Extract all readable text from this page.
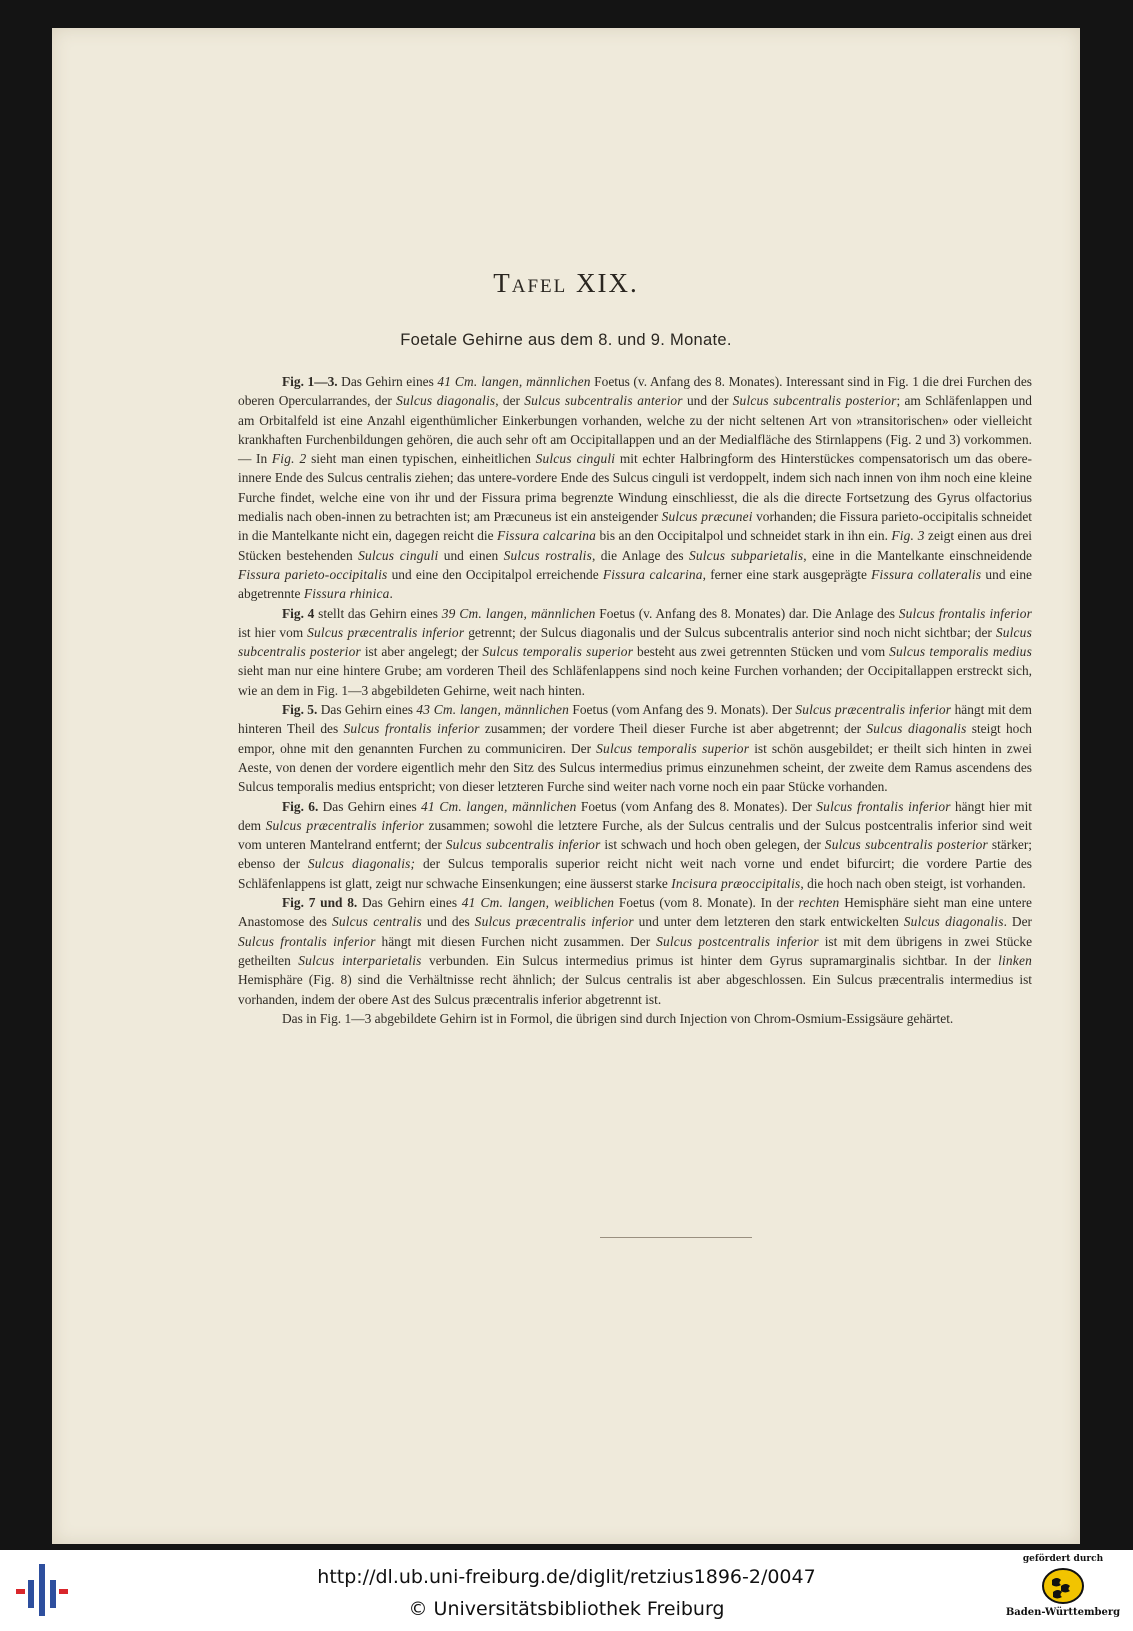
Tafel XIX.
Foetale Gehirne aus dem 8. und 9. Monate.

Fig. 1—3. Das Gehirn eines 41 Cm. langen, männlichen Foetus (v. Anfang des 8. Monates). Interessant sind in Fig. 1 die drei Furchen des oberen Opercularrandes, der Sulcus diagonalis, der Sulcus subcentralis anterior und der Sulcus subcentralis posterior; am Schläfenlappen und am Orbitalfeld ist eine Anzahl eigenthümlicher Einkerbungen vorhanden, welche zu der nicht seltenen Art von »transitorischen» oder vielleicht krankhaften Furchenbildungen gehören, die auch sehr oft am Occipitallappen und an der Medialfläche des Stirnlappens (Fig. 2 und 3) vorkommen. — In Fig. 2 sieht man einen typischen, einheitlichen Sulcus cinguli mit echter Halbringform des Hinterstückes compensatorisch um das obere-innere Ende des Sulcus centralis ziehen; das untere-vordere Ende des Sulcus cinguli ist verdoppelt, indem sich nach innen von ihm noch eine kleine Furche findet, welche eine von ihr und der Fissura prima begrenzte Windung einschliesst, die als die directe Fortsetzung des Gyrus olfactorius medialis nach oben-innen zu betrachten ist; am Præcuneus ist ein ansteigender Sulcus præcunei vorhanden; die Fissura parieto-occipitalis schneidet in die Mantelkante nicht ein, dagegen reicht die Fissura calcarina bis an den Occipitalpol und schneidet stark in ihn ein. Fig. 3 zeigt einen aus drei Stücken bestehenden Sulcus cinguli und einen Sulcus rostralis, die Anlage des Sulcus subparietalis, eine in die Mantelkante einschneidende Fissura parieto-occipitalis und eine den Occipitalpol erreichende Fissura calcarina, ferner eine stark ausgeprägte Fissura collateralis und eine abgetrennte Fissura rhinica.

Fig. 4 stellt das Gehirn eines 39 Cm. langen, männlichen Foetus (v. Anfang des 8. Monates) dar. Die Anlage des Sulcus frontalis inferior ist hier vom Sulcus præcentralis inferior getrennt; der Sulcus diagonalis und der Sulcus subcentralis anterior sind noch nicht sichtbar; der Sulcus subcentralis posterior ist aber angelegt; der Sulcus temporalis superior besteht aus zwei getrennten Stücken und vom Sulcus temporalis medius sieht man nur eine hintere Grube; am vorderen Theil des Schläfenlappens sind noch keine Furchen vorhanden; der Occipitallappen erstreckt sich, wie an dem in Fig. 1—3 abgebildeten Gehirne, weit nach hinten.

Fig. 5. Das Gehirn eines 43 Cm. langen, männlichen Foetus (vom Anfang des 9. Monats). Der Sulcus præcentralis inferior hängt mit dem hinteren Theil des Sulcus frontalis inferior zusammen; der vordere Theil dieser Furche ist aber abgetrennt; der Sulcus diagonalis steigt hoch empor, ohne mit den genannten Furchen zu communiciren. Der Sulcus temporalis superior ist schön ausgebildet; er theilt sich hinten in zwei Aeste, von denen der vordere eigentlich mehr den Sitz des Sulcus intermedius primus einzunehmen scheint, der zweite dem Ramus ascendens des Sulcus temporalis medius entspricht; von dieser letzteren Furche sind weiter nach vorne noch ein paar Stücke vorhanden.

Fig. 6. Das Gehirn eines 41 Cm. langen, männlichen Foetus (vom Anfang des 8. Monates). Der Sulcus frontalis inferior hängt hier mit dem Sulcus præcentralis inferior zusammen; sowohl die letztere Furche, als der Sulcus centralis und der Sulcus postcentralis inferior sind weit vom unteren Mantelrand entfernt; der Sulcus subcentralis inferior ist schwach und hoch oben gelegen, der Sulcus subcentralis posterior stärker; ebenso der Sulcus diagonalis; der Sulcus temporalis superior reicht nicht weit nach vorne und endet bifurcirt; die vordere Partie des Schläfenlappens ist glatt, zeigt nur schwache Einsenkungen; eine äusserst starke Incisura præoccipitalis, die hoch nach oben steigt, ist vorhanden.

Fig. 7 und 8. Das Gehirn eines 41 Cm. langen, weiblichen Foetus (vom 8. Monate). In der rechten Hemisphäre sieht man eine untere Anastomose des Sulcus centralis und des Sulcus præcentralis inferior und unter dem letzteren den stark entwickelten Sulcus diagonalis. Der Sulcus frontalis inferior hängt mit diesen Furchen nicht zusammen. Der Sulcus postcentralis inferior ist mit dem übrigens in zwei Stücke getheilten Sulcus interparietalis verbunden. Ein Sulcus intermedius primus ist hinter dem Gyrus supramarginalis sichtbar. In der linken Hemisphäre (Fig. 8) sind die Verhältnisse recht ähnlich; der Sulcus centralis ist aber abgeschlossen. Ein Sulcus præcentralis intermedius ist vorhanden, indem der obere Ast des Sulcus præcentralis inferior abgetrennt ist.

Das in Fig. 1—3 abgebildete Gehirn ist in Formol, die übrigen sind durch Injection von Chrom-Osmium-Essigsäure gehärtet.

http://dl.ub.uni-freiburg.de/diglit/retzius1896-2/0047
© Universitätsbibliothek Freiburg
gefördert durch
Baden-Württemberg
